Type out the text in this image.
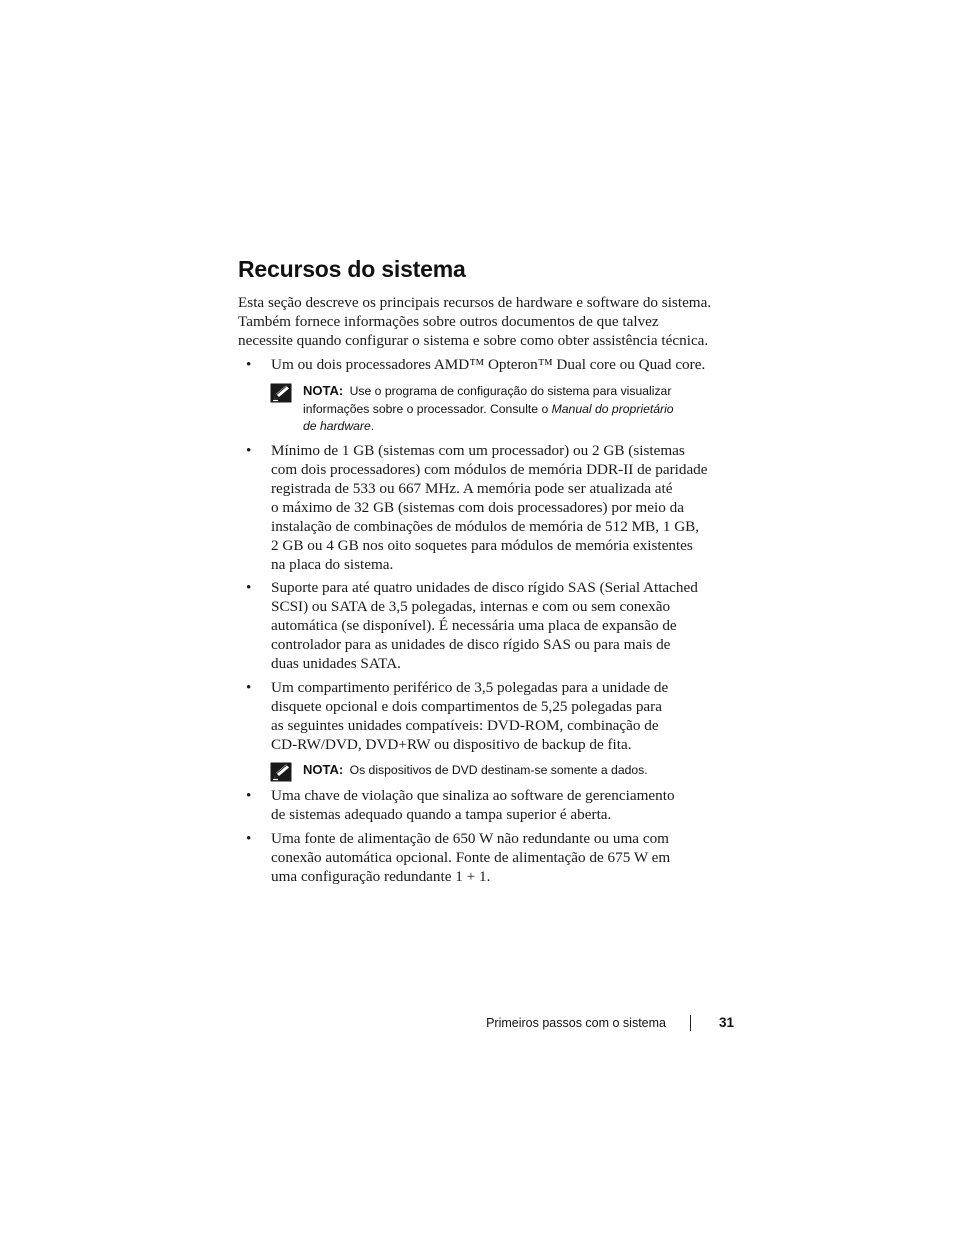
Recursos do sistema

Esta seção descreve os principais recursos de hardware e software do sistema.
Também fornece informações sobre outros documentos de que talvez
necessite quando configurar o sistema e sobre como obter assistência técnica.

•	Um ou dois processadores AMD™ Opteron™ Dual core ou Quad core.
NOTA: Use o programa de configuração do sistema para visualizar
informações sobre o processador. Consulte o Manual do proprietário
de hardware.
•	Mínimo de 1 GB (sistemas com um processador) ou 2 GB (sistemas
com dois processadores) com módulos de memória DDR-II de paridade
registrada de 533 ou 667 MHz. A memória pode ser atualizada até
o máximo de 32 GB (sistemas com dois processadores) por meio da
instalação de combinações de módulos de memória de 512 MB, 1 GB,
2 GB ou 4 GB nos oito soquetes para módulos de memória existentes
na placa do sistema.
•	Suporte para até quatro unidades de disco rígido SAS (Serial Attached
SCSI) ou SATA de 3,5 polegadas, internas e com ou sem conexão
automática (se disponível). É necessária uma placa de expansão de
controlador para as unidades de disco rígido SAS ou para mais de
duas unidades SATA.
•	Um compartimento periférico de 3,5 polegadas para a unidade de
disquete opcional e dois compartimentos de 5,25 polegadas para
as seguintes unidades compatíveis: DVD-ROM, combinação de
CD-RW/DVD, DVD+RW ou dispositivo de backup de fita.
NOTA: Os dispositivos de DVD destinam-se somente a dados.
•	Uma chave de violação que sinaliza ao software de gerenciamento
de sistemas adequado quando a tampa superior é aberta.
•	Uma fonte de alimentação de 650 W não redundante ou uma com
conexão automática opcional. Fonte de alimentação de 675 W em
uma configuração redundante 1 + 1.
Primeiros passos com o sistema	31
